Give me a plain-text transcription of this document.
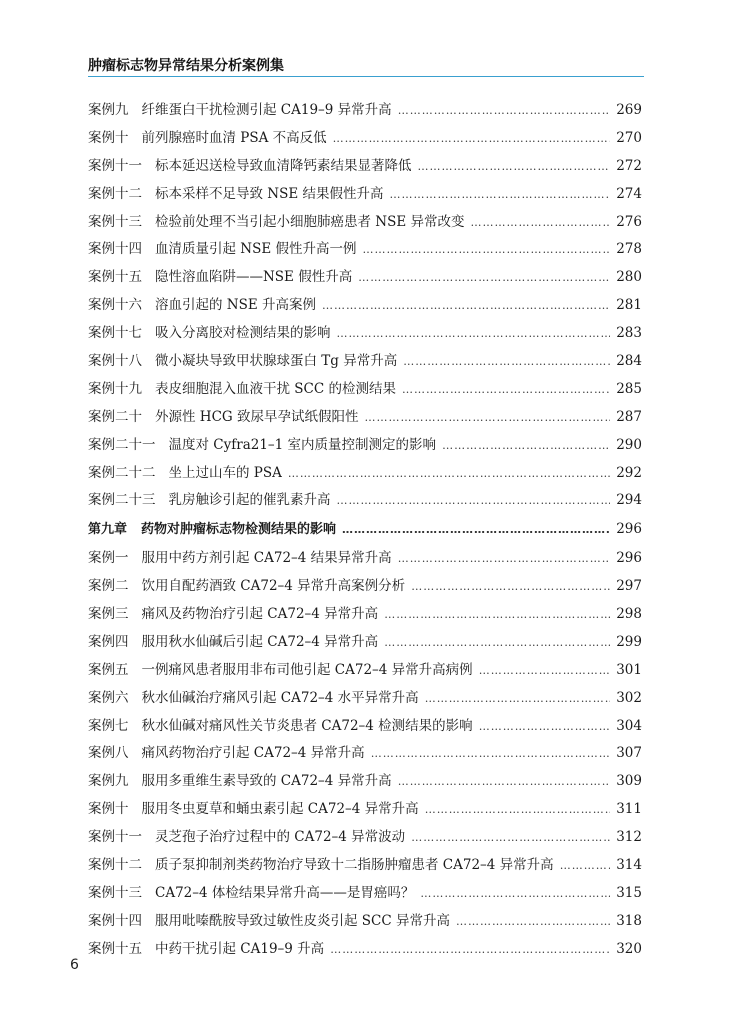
肿瘤标志物异常结果分析案例集
案例九 纤维蛋白干扰检测引起 CA19–9 异常升高 ……………………………………………………………………………………………………………………………………	269
案例十 前列腺癌时血清 PSA 不高反低 ……………………………………………………………………………………………………………………………………	270
案例十一 标本延迟送检导致血清降钙素结果显著降低 ……………………………………………………………………………………………………………………………………	272
案例十二 标本采样不足导致 NSE 结果假性升高 ……………………………………………………………………………………………………………………………………	274
案例十三 检验前处理不当引起小细胞肺癌患者 NSE 异常改变 ……………………………………………………………………………………………………………………………………	276
案例十四 血清质量引起 NSE 假性升高一例 ……………………………………………………………………………………………………………………………………	278
案例十五 隐性溶血陷阱——NSE 假性升高 ……………………………………………………………………………………………………………………………………	280
案例十六 溶血引起的 NSE 升高案例 ……………………………………………………………………………………………………………………………………	281
案例十七 吸入分离胶对检测结果的影响 ……………………………………………………………………………………………………………………………………	283
案例十八 微小凝块导致甲状腺球蛋白 Tg 异常升高 ……………………………………………………………………………………………………………………………………	284
案例十九 表皮细胞混入血液干扰 SCC 的检测结果 ……………………………………………………………………………………………………………………………………	285
案例二十 外源性 HCG 致尿早孕试纸假阳性 ……………………………………………………………………………………………………………………………………	287
案例二十一 温度对 Cyfra21–1 室内质量控制测定的影响 ……………………………………………………………………………………………………………………………………	290
案例二十二 坐上过山车的 PSA ……………………………………………………………………………………………………………………………………	292
案例二十三 乳房触诊引起的催乳素升高 ……………………………………………………………………………………………………………………………………	294
第九章 药物对肿瘤标志物检测结果的影响 ……………………………………………………………………………………………………………………………………	296
案例一 服用中药方剂引起 CA72–4 结果异常升高 ……………………………………………………………………………………………………………………………………	296
案例二 饮用自配药酒致 CA72–4 异常升高案例分析 ……………………………………………………………………………………………………………………………………	297
案例三 痛风及药物治疗引起 CA72–4 异常升高 ……………………………………………………………………………………………………………………………………	298
案例四 服用秋水仙碱后引起 CA72–4 异常升高 ……………………………………………………………………………………………………………………………………	299
案例五 一例痛风患者服用非布司他引起 CA72–4 异常升高病例 ……………………………………………………………………………………………………………………………………	301
案例六 秋水仙碱治疗痛风引起 CA72–4 水平异常升高 ……………………………………………………………………………………………………………………………………	302
案例七 秋水仙碱对痛风性关节炎患者 CA72–4 检测结果的影响 ……………………………………………………………………………………………………………………………………	304
案例八 痛风药物治疗引起 CA72–4 异常升高 ……………………………………………………………………………………………………………………………………	307
案例九 服用多重维生素导致的 CA72–4 异常升高 ……………………………………………………………………………………………………………………………………	309
案例十 服用冬虫夏草和蛹虫素引起 CA72–4 异常升高 ……………………………………………………………………………………………………………………………………	311
案例十一 灵芝孢子治疗过程中的 CA72–4 异常波动 ……………………………………………………………………………………………………………………………………	312
案例十二 质子泵抑制剂类药物治疗导致十二指肠肿瘤患者 CA72–4 异常升高 ……………………………………………………………………………………………………………………………………	314
案例十三 CA72–4 体检结果异常升高——是胃癌吗？ ……………………………………………………………………………………………………………………………………	315
案例十四 服用吡嗪酰胺导致过敏性皮炎引起 SCC 异常升高 ……………………………………………………………………………………………………………………………………	318
案例十五 中药干扰引起 CA19–9 升高 ……………………………………………………………………………………………………………………………………	320
6
